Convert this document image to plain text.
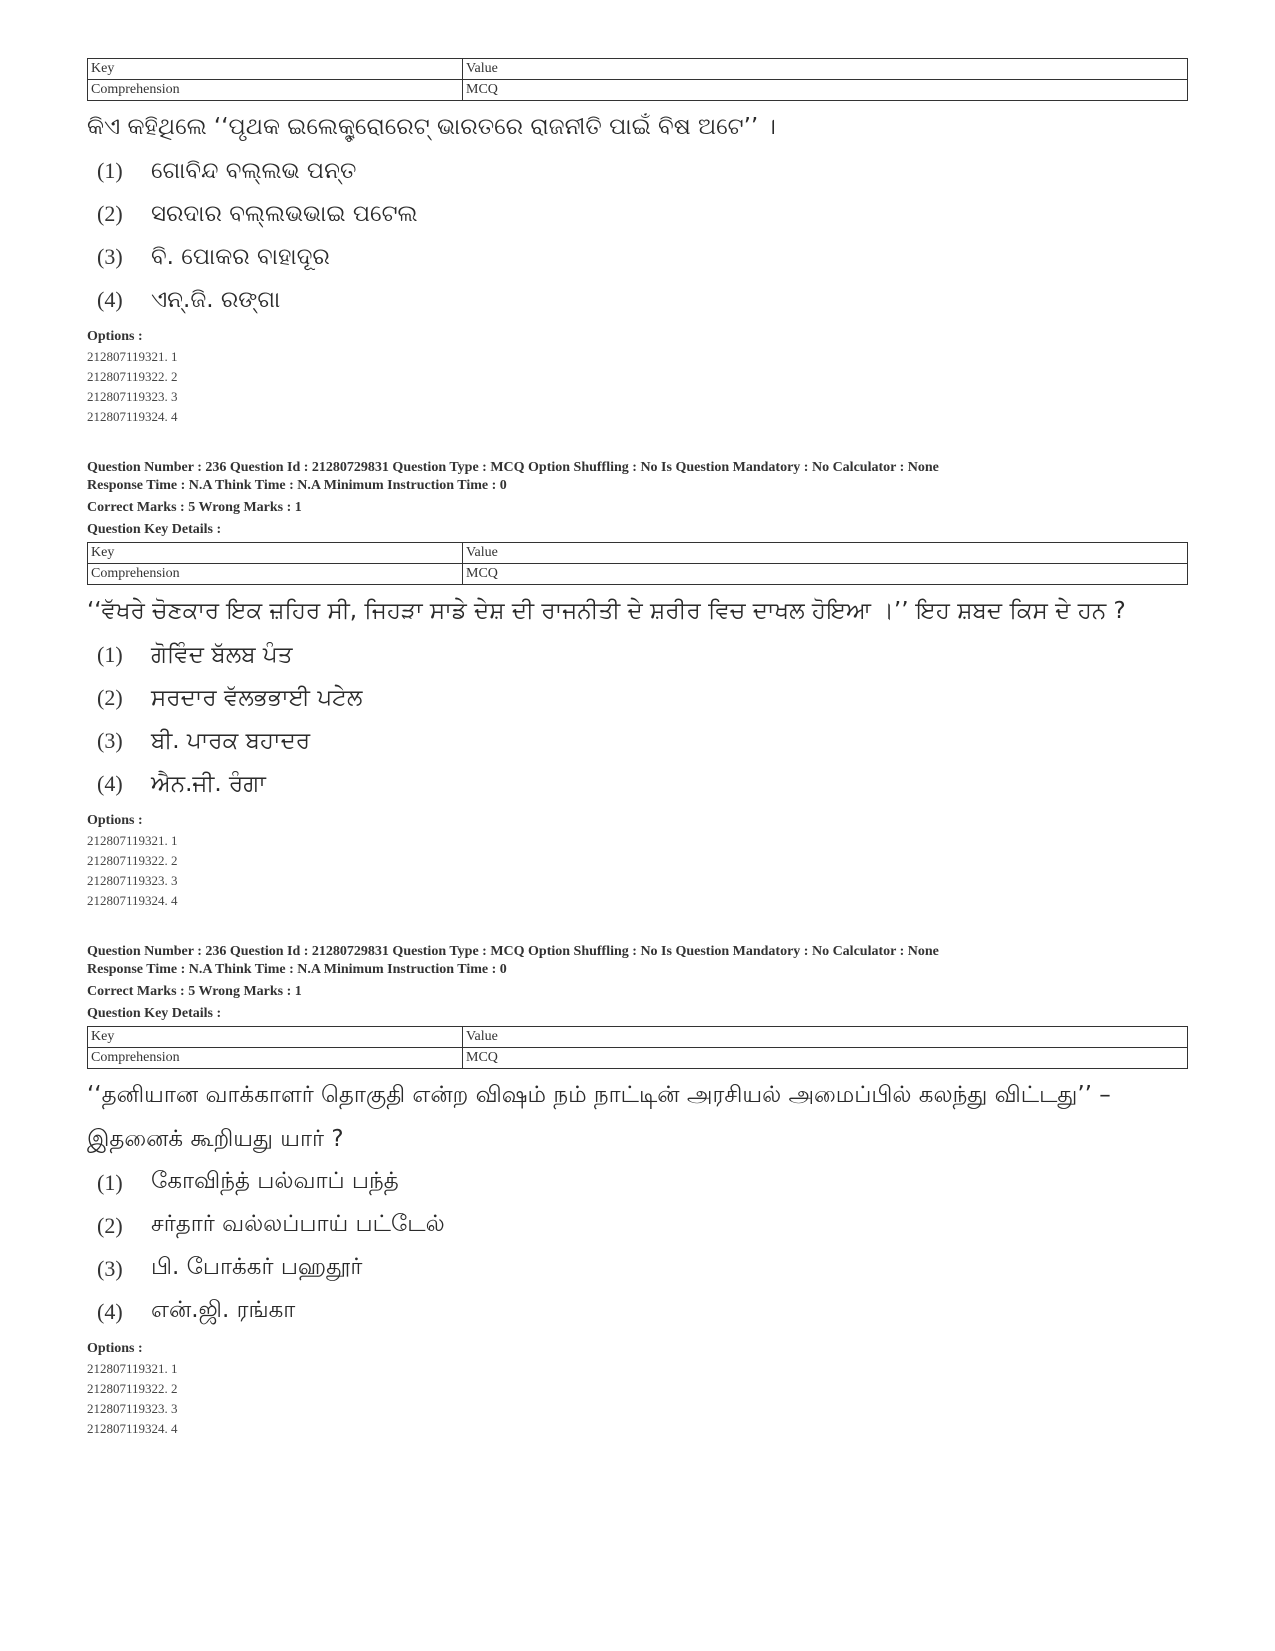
Key	Value
Comprehension	MCQ
କିଏ କହିଥିଲେ ‘‘ପୃଥକ ଇଲେକ୍ଟ୍ରୋରେଟ୍ ଭାରତରେ ରାଜନୀତି ପାଇଁ ବିଷ ଅଟେ’’ ।
(1)	ଗୋବିନ୍ଦ ବଲ୍ଲଭ ପନ୍ତ
(2)	ସରଦାର ବଲ୍ଲଭଭାଇ ପଟେଲ
(3)	ବି. ପୋକର ବାହାଦୂର
(4)	ଏନ୍.ଜି. ରଙ୍ଗା
Options :
212807119321. 1
212807119322. 2
212807119323. 3
212807119324. 4
Question Number : 236 Question Id : 21280729831 Question Type : MCQ Option Shuffling : No Is Question Mandatory : No Calculator : None
Response Time : N.A Think Time : N.A Minimum Instruction Time : 0
Correct Marks : 5 Wrong Marks : 1
Question Key Details :
Key	Value
Comprehension	MCQ
‘‘ਵੱਖਰੇ ਚੋਣਕਾਰ ਇਕ ਜ਼ਹਿਰ ਸੀ, ਜਿਹੜਾ ਸਾਡੇ ਦੇਸ਼ ਦੀ ਰਾਜਨੀਤੀ ਦੇ ਸ਼ਰੀਰ ਵਿਚ ਦਾਖਲ ਹੋਇਆ ।’’ ਇਹ ਸ਼ਬਦ ਕਿਸ ਦੇ ਹਨ ?
(1)	ਗੋਵਿੰਦ ਬੱਲਬ ਪੰਤ
(2)	ਸਰਦਾਰ ਵੱਲਭਭਾਈ ਪਟੇਲ
(3)	ਬੀ. ਪਾਰਕ ਬਹਾਦਰ
(4)	ਐਨ.ਜੀ. ਰੰਗਾ
Options :
212807119321. 1
212807119322. 2
212807119323. 3
212807119324. 4
Question Number : 236 Question Id : 21280729831 Question Type : MCQ Option Shuffling : No Is Question Mandatory : No Calculator : None
Response Time : N.A Think Time : N.A Minimum Instruction Time : 0
Correct Marks : 5 Wrong Marks : 1
Question Key Details :
Key	Value
Comprehension	MCQ
‘‘தனியான வாக்காளர் தொகுதி என்ற விஷம் நம் நாட்டின் அரசியல் அமைப்பில் கலந்து விட்டது’’ – இதனைக் கூறியது யார் ?
(1)	கோவிந்த் பல்வாப் பந்த்
(2)	சர்தார் வல்லப்பாய் பட்டேல்
(3)	பி. போக்கர் பஹதூர்
(4)	என்.ஜி. ரங்கா
Options :
212807119321. 1
212807119322. 2
212807119323. 3
212807119324. 4
